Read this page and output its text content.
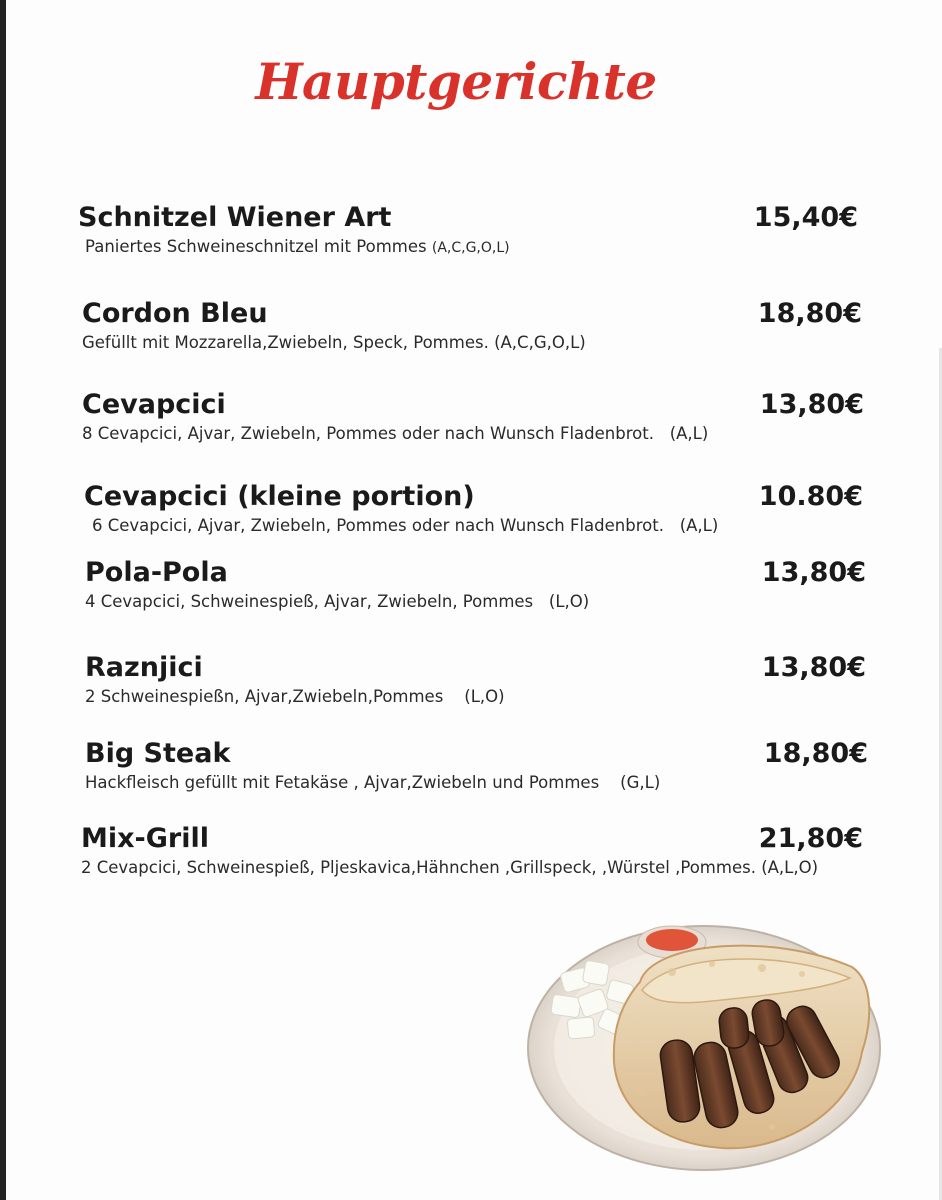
Hauptgerichte
Schnitzel Wiener Art
Paniertes Schweineschnitzel mit Pommes (A,C,G,O,L)
15,40€
Cordon Bleu
Gefüllt mit Mozzarella,Zwiebeln, Speck, Pommes. (A,C,G,O,L)
18,80€
Cevapcici
8 Cevapcici, Ajvar, Zwiebeln, Pommes oder nach Wunsch Fladenbrot. (A,L)
13,80€
Cevapcici (kleine portion)
6 Cevapcici, Ajvar, Zwiebeln, Pommes oder nach Wunsch Fladenbrot. (A,L)
10.80€
Pola-Pola
4 Cevapcici, Schweinespieß, Ajvar, Zwiebeln, Pommes (L,O)
13,80€
Raznjici
2 Schweinespießn, Ajvar,Zwiebeln,Pommes (L,O)
13,80€
Big Steak
Hackfleisch gefüllt mit Fetakäse , Ajvar,Zwiebeln und Pommes (G,L)
18,80€
Mix-Grill
2 Cevapcici, Schweinespieß, Pljeskavica,Hähnchen ,Grillspeck, ,Würstel ,Pommes. (A,L,O)
21,80€
